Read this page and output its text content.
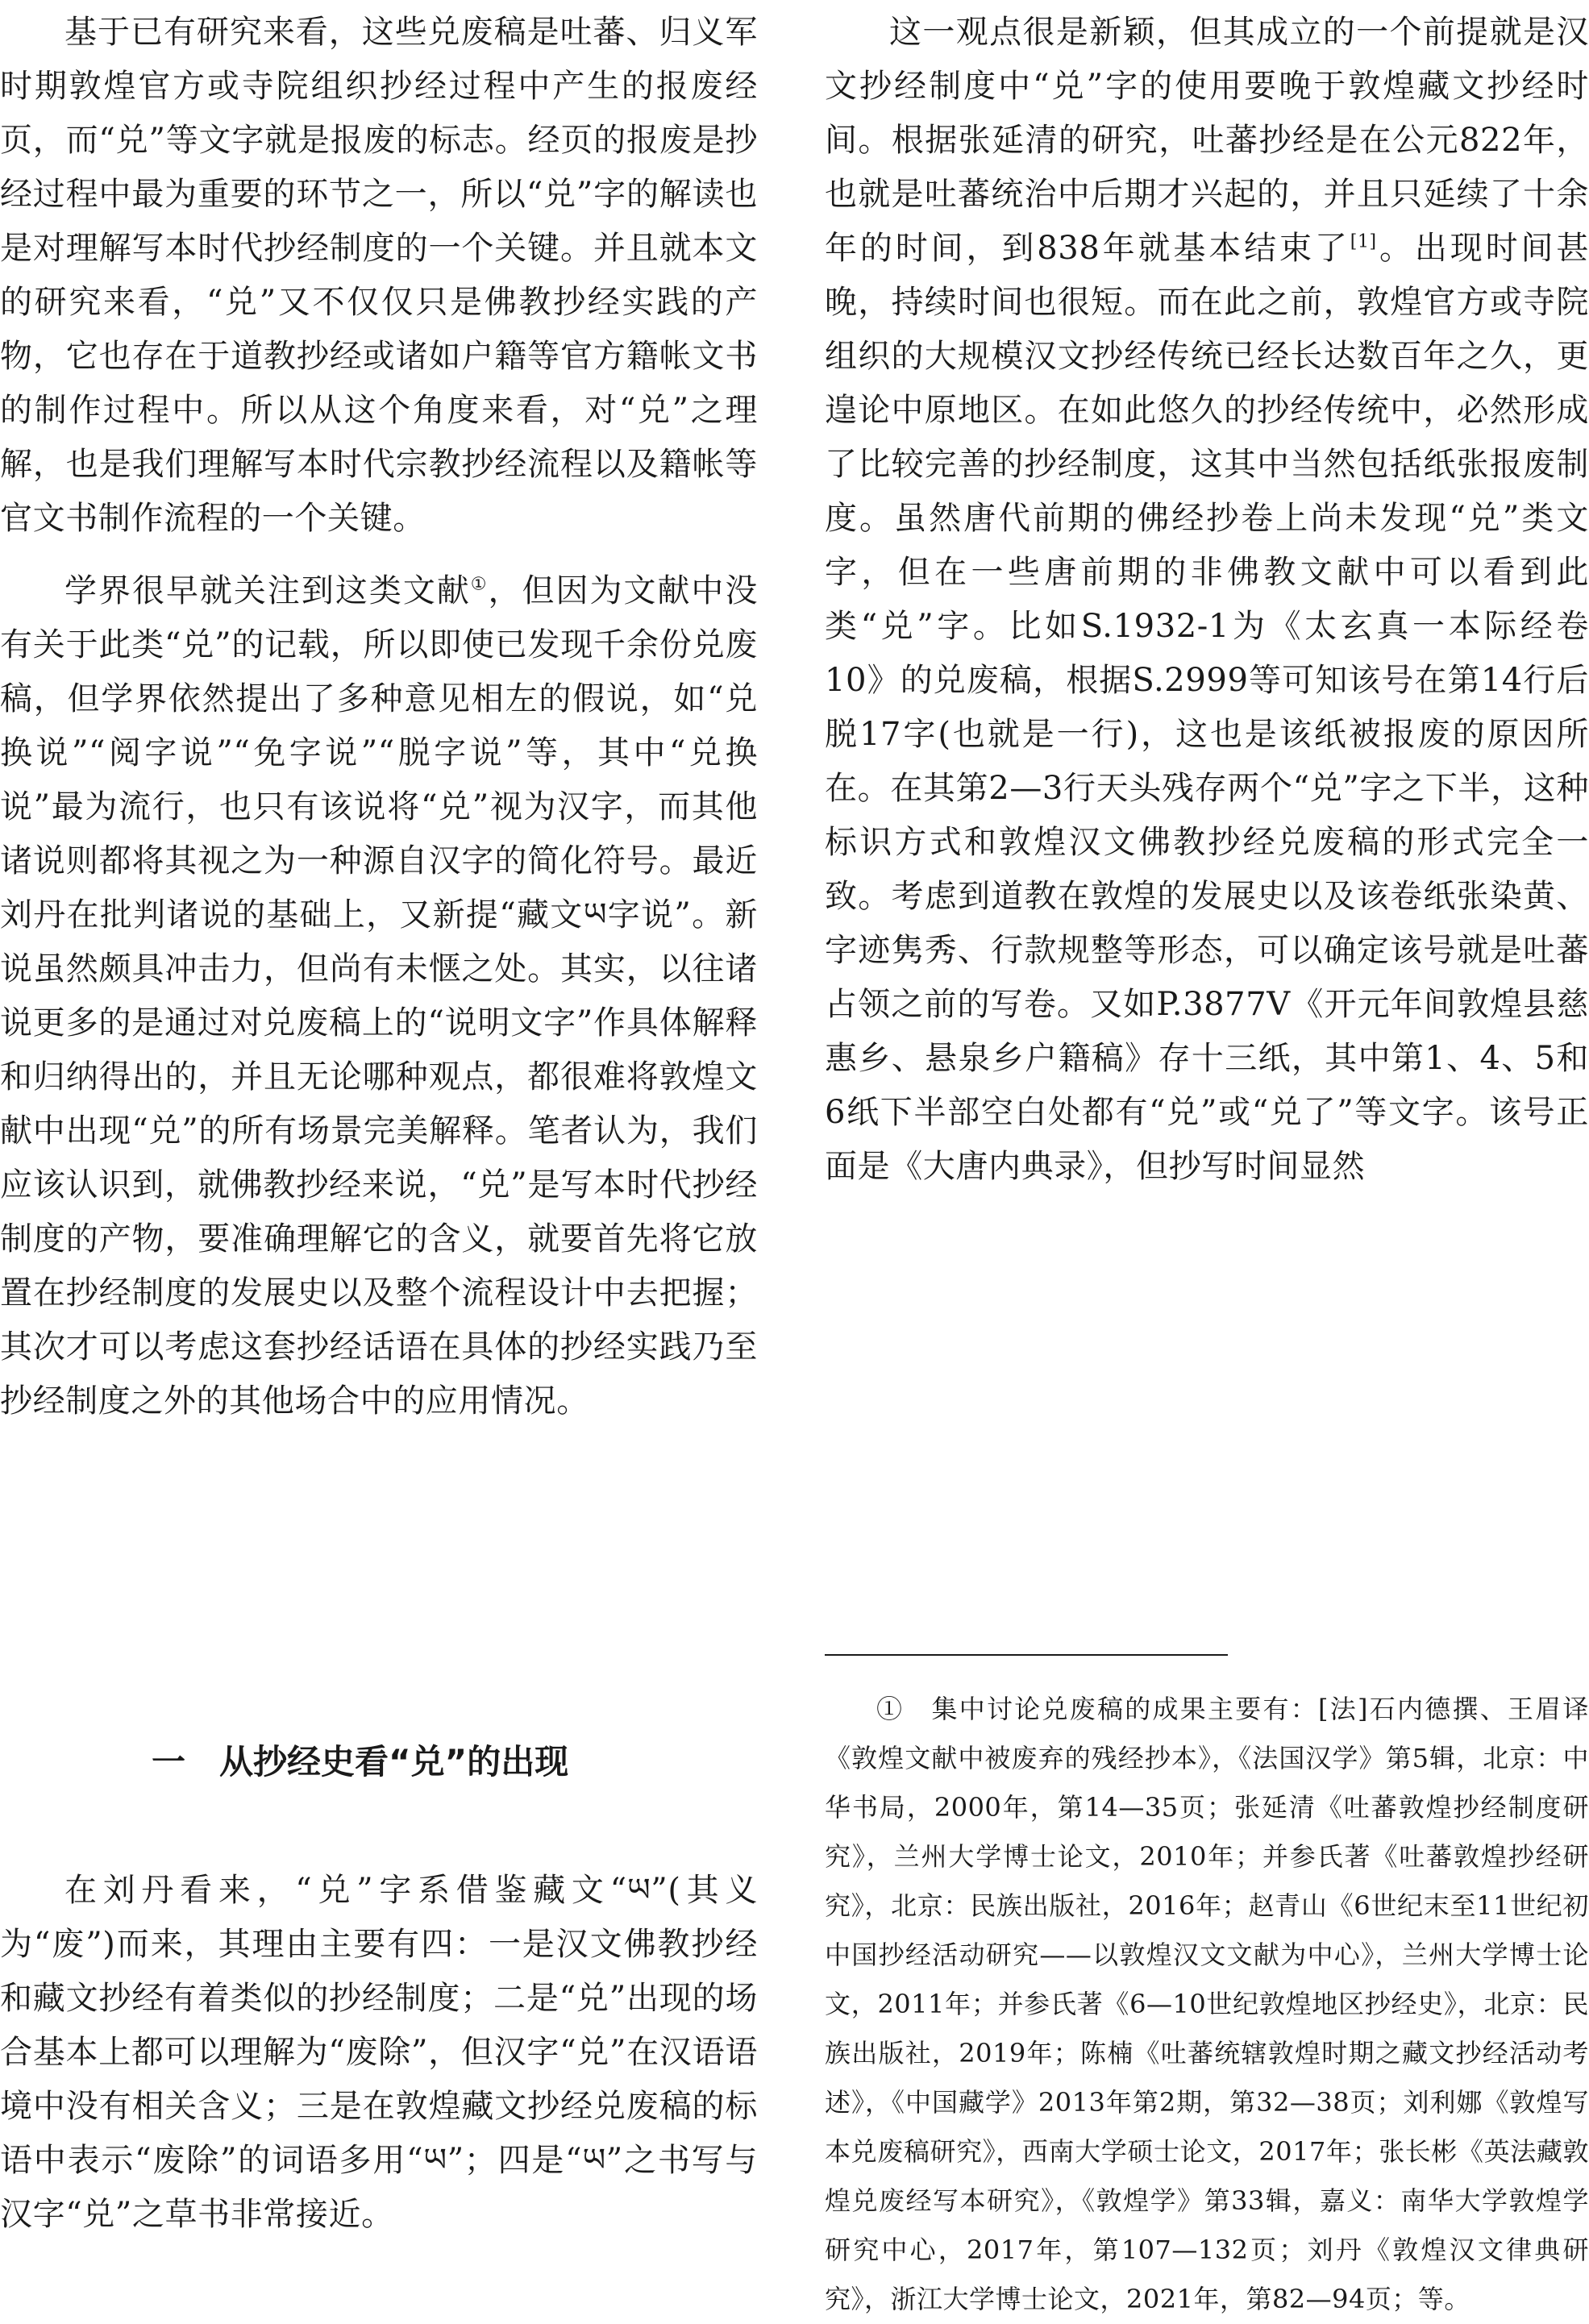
基于已有研究来看，这些兑废稿是吐蕃、归义军时期敦煌官方或寺院组织抄经过程中产生的报废经页，而“兑”等文字就是报废的标志。经页的报废是抄经过程中最为重要的环节之一，所以“兑”字的解读也是对理解写本时代抄经制度的一个关键。并且就本文的研究来看，“兑”又不仅仅只是佛教抄经实践的产物，它也存在于道教抄经或诸如户籍等官方籍帐文书的制作过程中。所以从这个角度来看，对“兑”之理解，也是我们理解写本时代宗教抄经流程以及籍帐等官文书制作流程的一个关键。

学界很早就关注到这类文献①，但因为文献中没有关于此类“兑”的记载，所以即使已发现千余份兑废稿，但学界依然提出了多种意见相左的假说，如“兑换说”“阅字说”“免字说”“脱字说”等，其中“兑换说”最为流行，也只有该说将“兑”视为汉字，而其他诸说则都将其视之为一种源自汉字的简化符号。最近刘丹在批判诸说的基础上，又新提“藏文ཡ字说”。新说虽然颇具冲击力，但尚有未惬之处。其实，以往诸说更多的是通过对兑废稿上的“说明文字”作具体解释和归纳得出的，并且无论哪种观点，都很难将敦煌文献中出现“兑”的所有场景完美解释。笔者认为，我们应该认识到，就佛教抄经来说，“兑”是写本时代抄经制度的产物，要准确理解它的含义，就要首先将它放置在抄经制度的发展史以及整个流程设计中去把握；其次才可以考虑这套抄经话语在具体的抄经实践乃至抄经制度之外的其他场合中的应用情况。

一　从抄经史看“兑”的出现

在刘丹看来，“兑”字系借鉴藏文“ཡ”(其义为“废”)而来，其理由主要有四：一是汉文佛教抄经和藏文抄经有着类似的抄经制度；二是“兑”出现的场合基本上都可以理解为“废除”，但汉字“兑”在汉语语境中没有相关含义；三是在敦煌藏文抄经兑废稿的标语中表示“废除”的词语多用“ཡ”；四是“ཡ”之书写与汉字“兑”之草书非常接近。

这一观点很是新颖，但其成立的一个前提就是汉文抄经制度中“兑”字的使用要晚于敦煌藏文抄经时间。根据张延清的研究，吐蕃抄经是在公元822年，也就是吐蕃统治中后期才兴起的，并且只延续了十余年的时间，到838年就基本结束了[1]。出现时间甚晚，持续时间也很短。而在此之前，敦煌官方或寺院组织的大规模汉文抄经传统已经长达数百年之久，更遑论中原地区。在如此悠久的抄经传统中，必然形成了比较完善的抄经制度，这其中当然包括纸张报废制度。虽然唐代前期的佛经抄卷上尚未发现“兑”类文字，但在一些唐前期的非佛教文献中可以看到此类“兑”字。比如S.1932-1为《太玄真一本际经卷10》的兑废稿，根据S.2999等可知该号在第14行后脱17字(也就是一行)，这也是该纸被报废的原因所在。在其第2—3行天头残存两个“兑”字之下半，这种标识方式和敦煌汉文佛教抄经兑废稿的形式完全一致。考虑到道教在敦煌的发展史以及该卷纸张染黄、字迹隽秀、行款规整等形态，可以确定该号就是吐蕃占领之前的写卷。又如P.3877V《开元年间敦煌县慈惠乡、悬泉乡户籍稿》存十三纸，其中第1、4、5和6纸下半部空白处都有“兑”或“兑了”等文字。该号正面是《大唐内典录》，但抄写时间显然

①　集中讨论兑废稿的成果主要有：[法]石内德撰、王眉译《敦煌文献中被废弃的残经抄本》，《法国汉学》第5辑，北京：中华书局，2000年，第14—35页；张延清《吐蕃敦煌抄经制度研究》，兰州大学博士论文，2010年；并参氏著《吐蕃敦煌抄经研究》，北京：民族出版社，2016年；赵青山《6世纪末至11世纪初中国抄经活动研究——以敦煌汉文文献为中心》，兰州大学博士论文，2011年；并参氏著《6—10世纪敦煌地区抄经史》，北京：民族出版社，2019年；陈楠《吐蕃统辖敦煌时期之藏文抄经活动考述》，《中国藏学》2013年第2期，第32—38页；刘利娜《敦煌写本兑废稿研究》，西南大学硕士论文，2017年；张长彬《英法藏敦煌兑废经写本研究》，《敦煌学》第33辑，嘉义：南华大学敦煌学研究中心，2017年，第107—132页；刘丹《敦煌汉文律典研究》，浙江大学博士论文，2021年，第82—94页；等。
